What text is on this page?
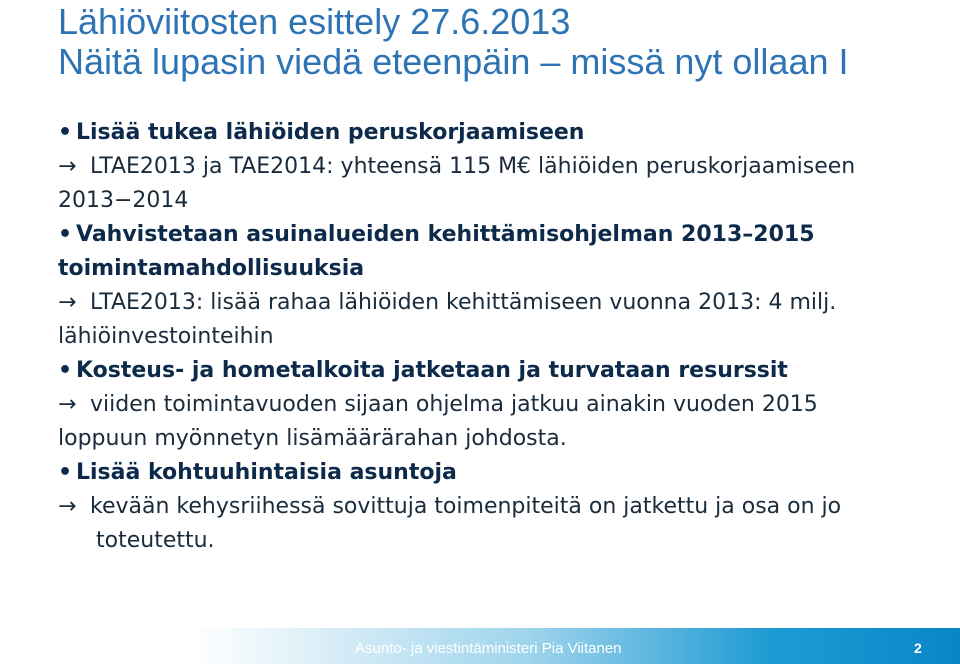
Lähiöviitosten esittely 27.6.2013
Näitä lupasin viedä eteenpäin – missä nyt ollaan I
• Lisää tukea lähiöiden peruskorjaamiseen
→ LTAE2013 ja TAE2014: yhteensä 115 M€ lähiöiden peruskorjaamiseen
2013−2014
• Vahvistetaan asuinalueiden kehittämisohjelman 2013–2015
toimintamahdollisuuksia
→ LTAE2013: lisää rahaa lähiöiden kehittämiseen vuonna 2013: 4 milj.
lähiöinvestointeihin
• Kosteus- ja hometalkoita jatketaan ja turvataan resurssit
→ viiden toimintavuoden sijaan ohjelma jatkuu ainakin vuoden 2015
loppuun myönnetyn lisämäärärahan johdosta.
• Lisää kohtuuhintaisia asuntoja
→ kevään kehysriihessä sovittuja toimenpiteitä on jatkettu ja osa on jo
toteutettu.
Asunto- ja viestintäministeri Pia Viitanen	2
